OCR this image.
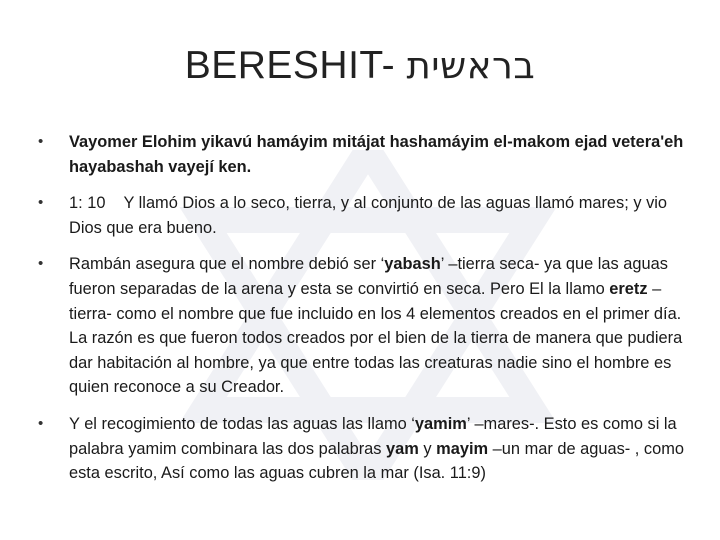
BERESHIT- בראשית
• Vayomer Elohim yikavú hamáyim mitájat hashamáyim el-makom ejad vetera'eh hayabashah vayejí ken.
• 1: 10 Y llamó Dios a lo seco, tierra, y al conjunto de las aguas llamó mares; y vio Dios que era bueno.
• Rambán asegura que el nombre debió ser ‘yabash’ –tierra seca- ya que las aguas fueron separadas de la arena y esta se convirtió en seca. Pero El la llamo eretz –tierra- como el nombre que fue incluido en los 4 elementos creados en el primer día. La razón es que fueron todos creados por el bien de la tierra de manera que pudiera dar habitación al hombre, ya que entre todas las creaturas nadie sino el hombre es quien reconoce a su Creador.
• Y el recogimiento de todas las aguas las llamo ‘yamim’ –mares-. Esto es como si la palabra yamim combinara las dos palabras yam y mayim –un mar de aguas- , como esta escrito, Así como las aguas cubren la mar (Isa. 11:9)
